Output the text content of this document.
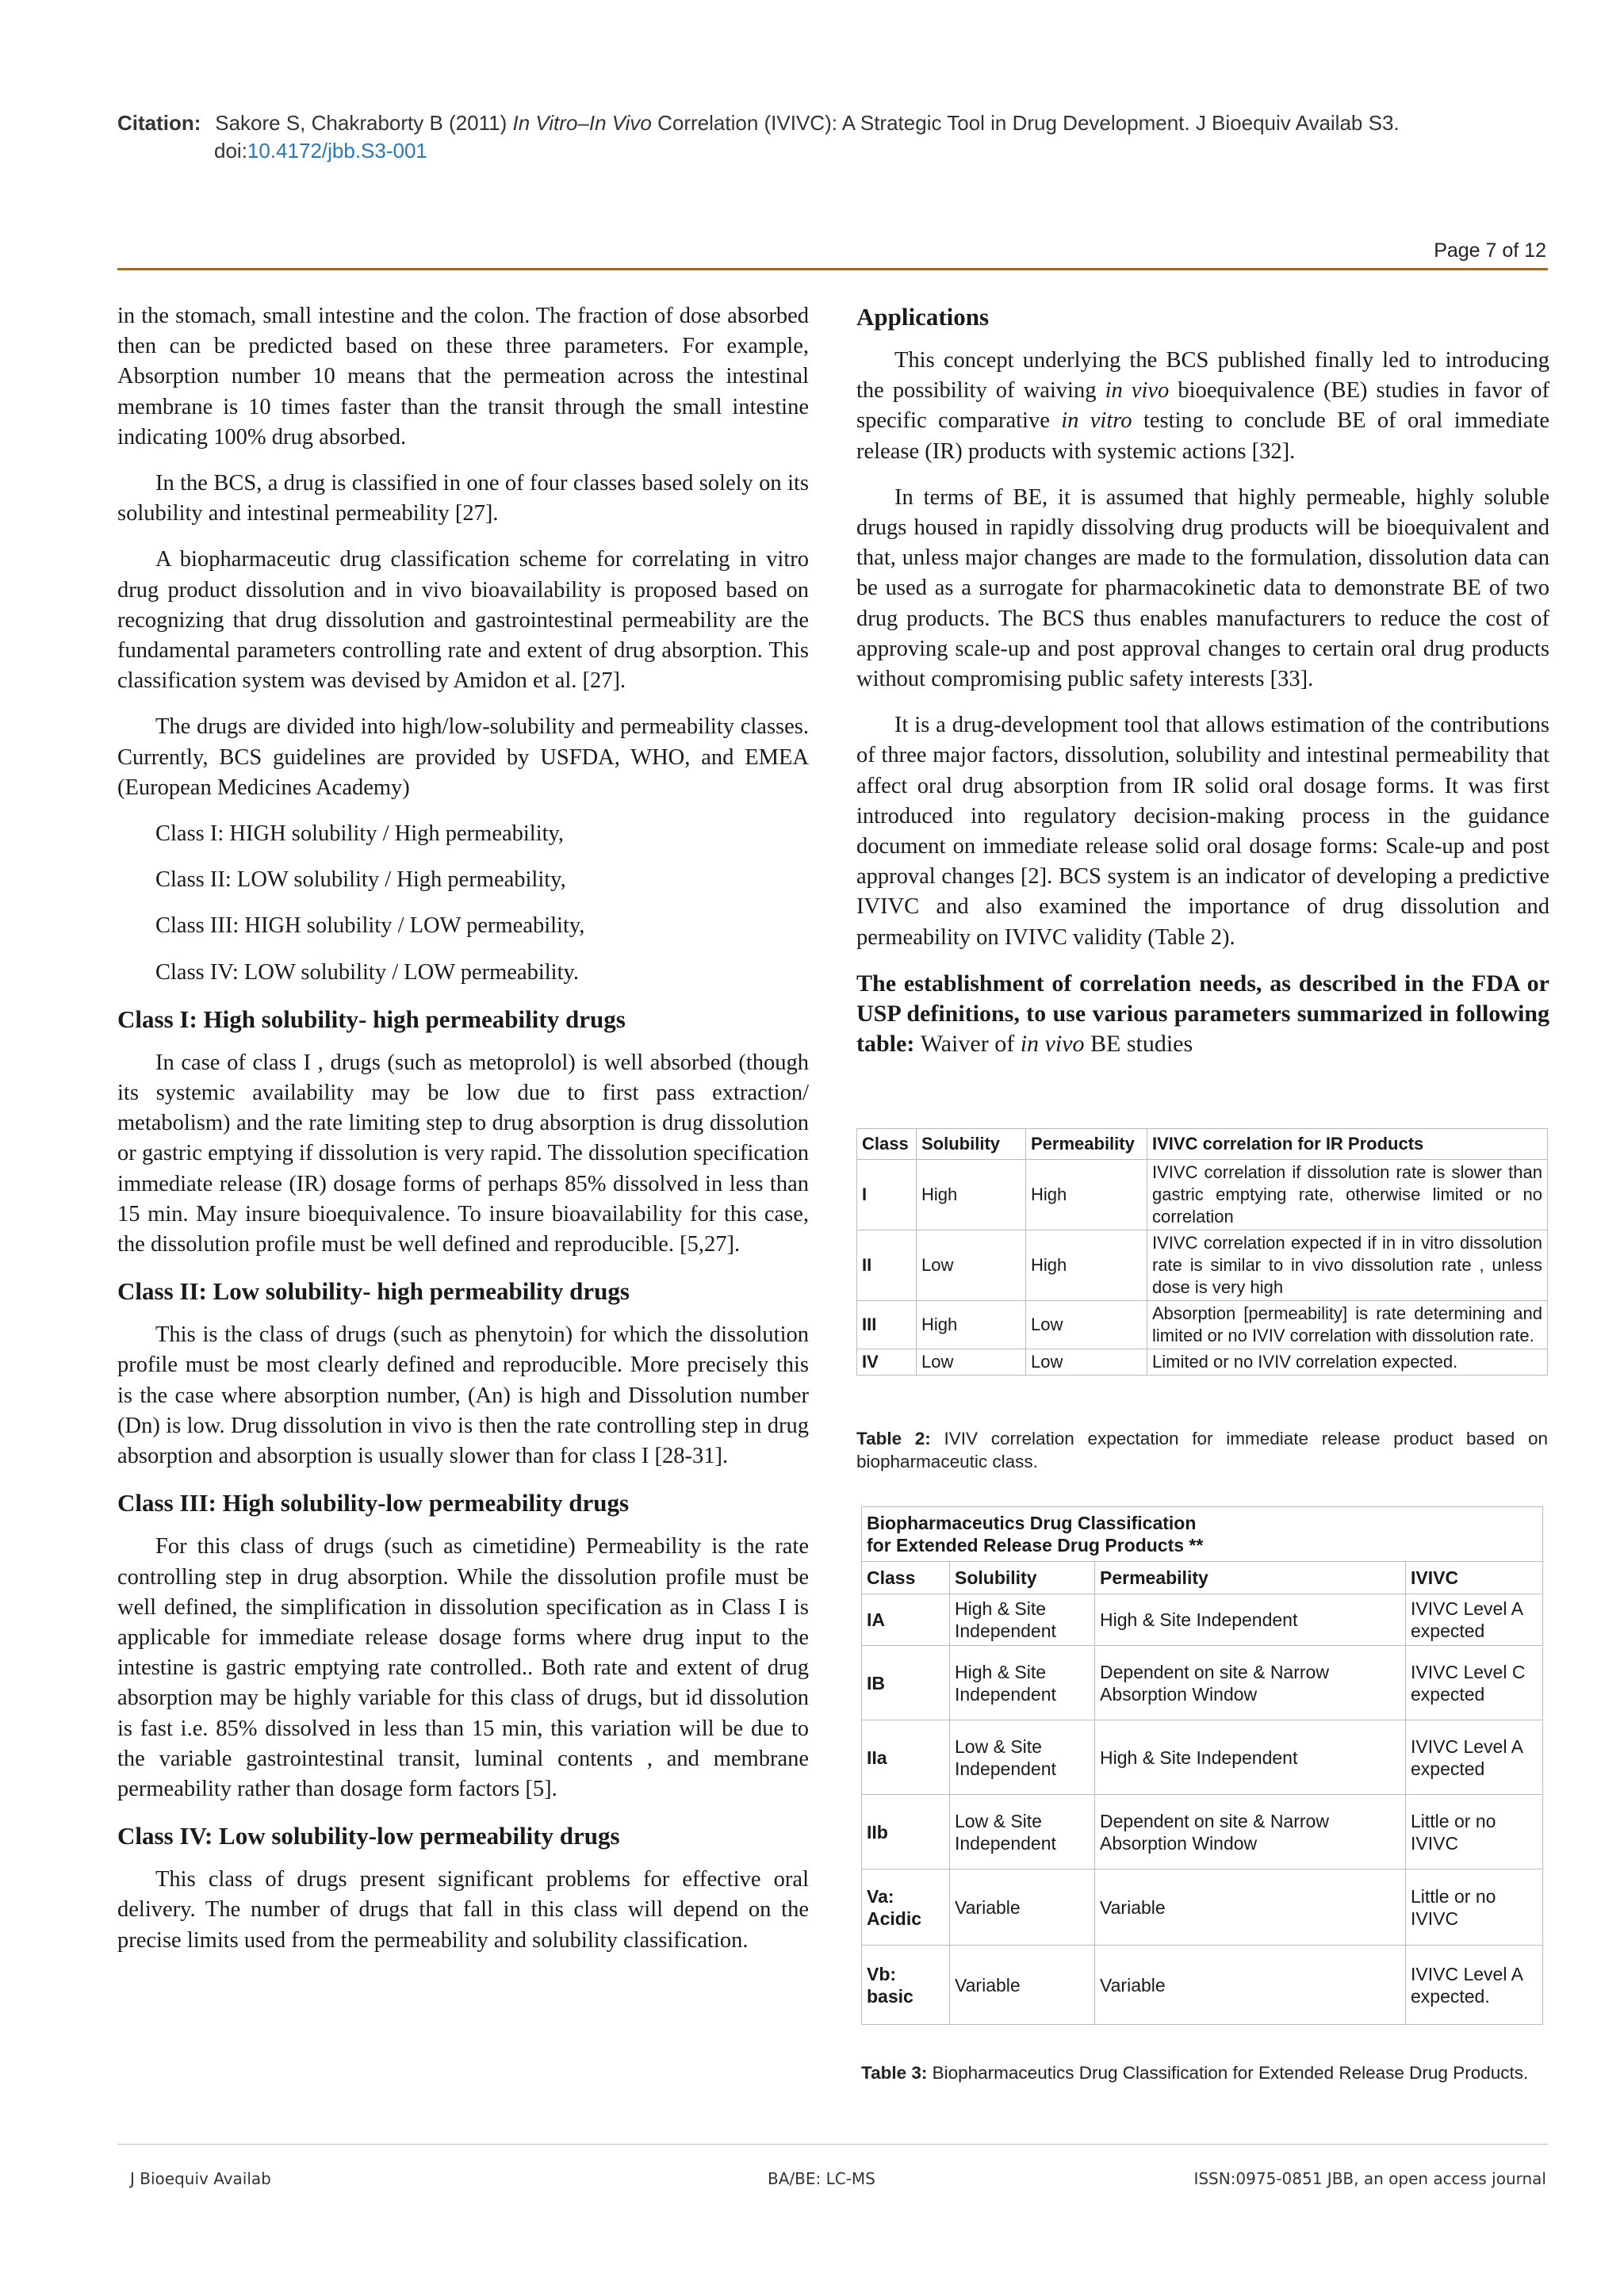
Citation: Sakore S, Chakraborty B (2011) In Vitro–In Vivo Correlation (IVIVC): A Strategic Tool in Drug Development. J Bioequiv Availab S3.
doi:10.4172/jbb.S3-001
Page 7 of 12

in the stomach, small intestine and the colon. The fraction of dose absorbed then can be predicted based on these three parameters. For example, Absorption number 10 means that the permeation across the intestinal membrane is 10 times faster than the transit through the small intestine indicating 100% drug absorbed.

In the BCS, a drug is classified in one of four classes based solely on its solubility and intestinal permeability [27].

A biopharmaceutic drug classification scheme for correlating in vitro drug product dissolution and in vivo bioavailability is proposed based on recognizing that drug dissolution and gastrointestinal permeability are the fundamental parameters controlling rate and extent of drug absorption. This classification system was devised by Amidon et al. [27].

The drugs are divided into high/low-solubility and permeability classes. Currently, BCS guidelines are provided by USFDA, WHO, and EMEA (European Medicines Academy)

Class I: HIGH solubility / High permeability,

Class II: LOW solubility / High permeability,

Class III: HIGH solubility / LOW permeability,

Class IV: LOW solubility / LOW permeability.

Class I: High solubility- high permeability drugs

In case of class I , drugs (such as metoprolol) is well absorbed (though its systemic availability may be low due to first pass extraction/ metabolism) and the rate limiting step to drug absorption is drug dissolution or gastric emptying if dissolution is very rapid. The dissolution specification immediate release (IR) dosage forms of perhaps 85% dissolved in less than 15 min. May insure bioequivalence. To insure bioavailability for this case, the dissolution profile must be well defined and reproducible. [5,27].

Class II: Low solubility- high permeability drugs

This is the class of drugs (such as phenytoin) for which the dissolution profile must be most clearly defined and reproducible. More precisely this is the case where absorption number, (An) is high and Dissolution number (Dn) is low. Drug dissolution in vivo is then the rate controlling step in drug absorption and absorption is usually slower than for class I [28-31].

Class III: High solubility-low permeability drugs

For this class of drugs (such as cimetidine) Permeability is the rate controlling step in drug absorption. While the dissolution profile must be well defined, the simplification in dissolution specification as in Class I is applicable for immediate release dosage forms where drug input to the intestine is gastric emptying rate controlled.. Both rate and extent of drug absorption may be highly variable for this class of drugs, but id dissolution is fast i.e. 85% dissolved in less than 15 min, this variation will be due to the variable gastrointestinal transit, luminal contents , and membrane permeability rather than dosage form factors [5].

Class IV: Low solubility-low permeability drugs

This class of drugs present significant problems for effective oral delivery. The number of drugs that fall in this class will depend on the precise limits used from the permeability and solubility classification.

Applications

This concept underlying the BCS published finally led to introducing the possibility of waiving in vivo bioequivalence (BE) studies in favor of specific comparative in vitro testing to conclude BE of oral immediate release (IR) products with systemic actions [32].

In terms of BE, it is assumed that highly permeable, highly soluble drugs housed in rapidly dissolving drug products will be bioequivalent and that, unless major changes are made to the formulation, dissolution data can be used as a surrogate for pharmacokinetic data to demonstrate BE of two drug products. The BCS thus enables manufacturers to reduce the cost of approving scale-up and post approval changes to certain oral drug products without compromising public safety interests [33].

It is a drug-development tool that allows estimation of the contributions of three major factors, dissolution, solubility and intestinal permeability that affect oral drug absorption from IR solid oral dosage forms. It was first introduced into regulatory decision-making process in the guidance document on immediate release solid oral dosage forms: Scale-up and post approval changes [2]. BCS system is an indicator of developing a predictive IVIVC and also examined the importance of drug dissolution and permeability on IVIVC validity (Table 2).

The establishment of correlation needs, as described in the FDA or USP definitions, to use various parameters summarized in following table: Waiver of in vivo BE studies
Class	Solubility	Permeability	IVIVC correlation for IR Products
I	High	High	IVIVC correlation if dissolution rate is slower than gastric emptying rate, otherwise limited or no correlation
II	Low	High	IVIVC correlation expected if in in vitro dissolution rate is similar to in vivo dissolution rate , unless dose is very high
III	High	Low	Absorption [permeability] is rate determining and limited or no IVIV correlation with dissolution rate.
IV	Low	Low	Limited or no IVIV correlation expected.
Table 2: IVIV correlation expectation for immediate release product based on biopharmaceutic class.
Biopharmaceutics Drug Classification
for Extended Release Drug Products **			

Class	Solubility	Permeability	IVIVC
IA	High & Site Independent	High & Site Independent	IVIVC Level A expected
IB	High & Site Independent	Dependent on site & Narrow Absorption Window	IVIVC Level C expected
IIa	Low & Site Independent	High & Site Independent	IVIVC Level A expected
IIb	Low & Site Independent	Dependent on site & Narrow Absorption Window	Little or no IVIVC
Va: Acidic	Variable	Variable	Little or no IVIVC
Vb: basic	Variable	Variable	IVIVC Level A expected.
Table 3: Biopharmaceutics Drug Classification for Extended Release Drug Products.
J Bioequiv Availab	BA/BE: LC-MS	ISSN:0975-0851 JBB, an open access journal
